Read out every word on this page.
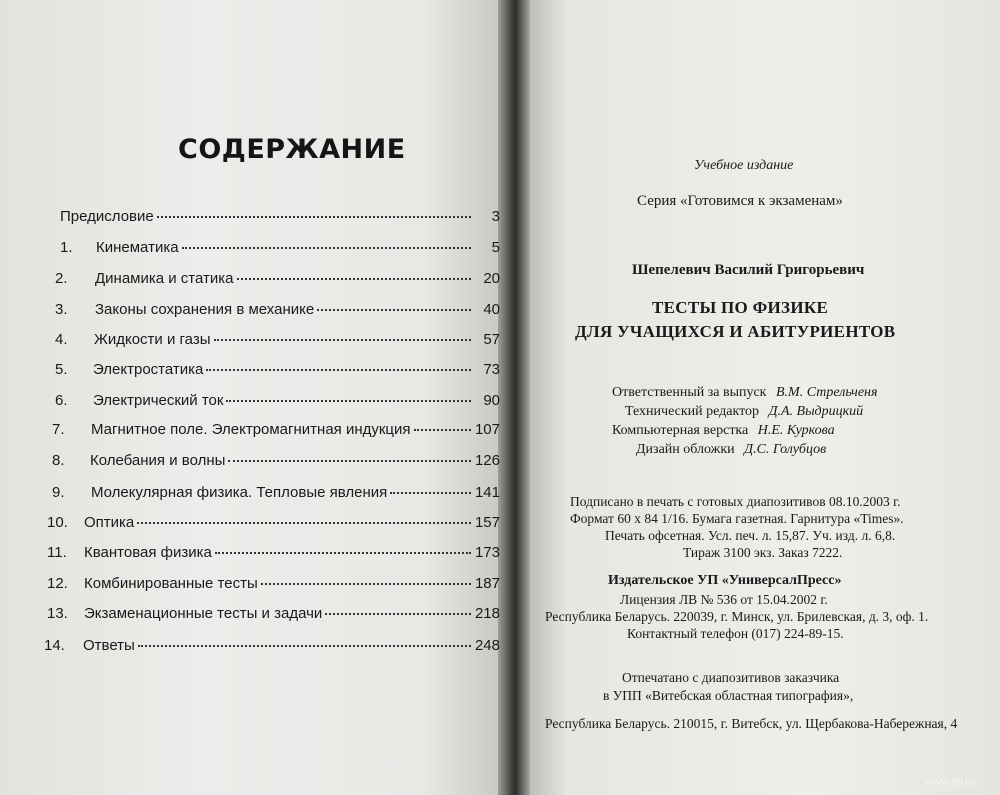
СОДЕРЖАНИЕ
Предисловие	3
1.	Кинематика	5
2.	Динамика и статика	20
3.	Законы сохранения в механике	40
4.	Жидкости и газы	57
5.	Электростатика	73
6.	Электрический ток	90
7.	Магнитное поле. Электромагнитная индукция	107
8.	Колебания и волны	126
9.	Молекулярная физика. Тепловые явления	141
10.	Оптика	157
11.	Квантовая физика	173
12.	Комбинированные тесты	187
13.	Экзаменационные тесты и задачи	218
14.	Ответы	248
Учебное издание
Серия «Готовимся к экзаменам»
Шепелевич Василий Григорьевич
ТЕСТЫ ПО ФИЗИКЕ
ДЛЯ УЧАЩИХСЯ И АБИТУРИЕНТОВ
Ответственный за выпуск В.М. Стрельченя
Технический редактор Д.А. Выдрицкий
Компьютерная верстка Н.Е. Куркова
Дизайн обложки Д.С. Голубцов
Подписано в печать с готовых диапозитивов 08.10.2003 г.
Формат 60 х 84 1/16. Бумага газетная. Гарнитура «Times».
Печать офсетная. Усл. печ. л. 15,87. Уч. изд. л. 6,8.
Тираж 3100 экз. Заказ 7222.
Издательское УП «УниверсалПресс»
Лицензия ЛВ № 536 от 15.04.2002 г.
Республика Беларусь. 220039, г. Минск, ул. Брилевская, д. 3, оф. 1.
Контактный телефон (017) 224-89-15.
Отпечатано с диапозитивов заказчика
в УПП «Витебская областная типография»,
Республика Беларусь. 210015, г. Витебск, ул. Щербакова-Набережная, 4
www.ay.by
